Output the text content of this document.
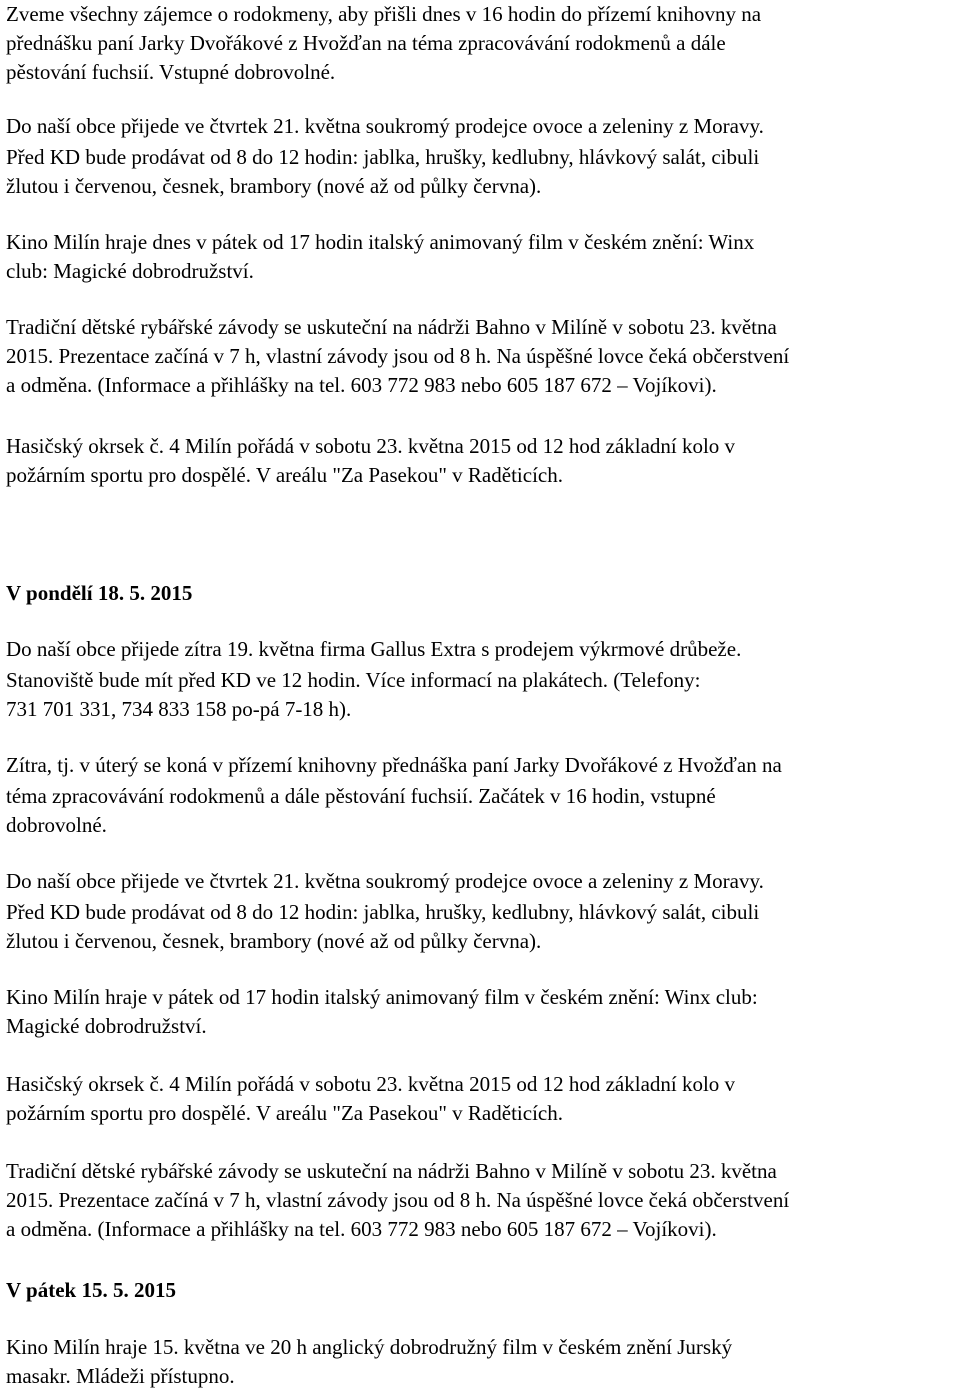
Zveme všechny zájemce o rodokmeny, aby přišli dnes v 16 hodin do přízemí knihovny na
přednášku paní Jarky Dvořákové z Hvožďan na téma zpracovávání rodokmenů a dále
pěstování fuchsií. Vstupné dobrovolné.
Do naší obce přijede ve čtvrtek 21. května soukromý prodejce ovoce a zeleniny z Moravy.
Před KD bude prodávat od 8 do 12 hodin: jablka, hrušky, kedlubny, hlávkový salát, cibuli
žlutou i červenou, česnek, brambory (nové až od půlky června).
Kino Milín hraje dnes v pátek od 17 hodin italský animovaný film v českém znění: Winx
club: Magické dobrodružství.
Tradiční dětské rybářské závody se uskuteční na nádrži Bahno v Milíně v sobotu 23. května
2015. Prezentace začíná v 7 h, vlastní závody jsou od 8 h. Na úspěšné lovce čeká občerstvení
a odměna. (Informace a přihlášky na tel. 603 772 983 nebo 605 187 672 – Vojíkovi).
Hasičský okrsek č. 4 Milín pořádá v sobotu 23. května 2015 od 12 hod základní kolo v
požárním sportu pro dospělé. V areálu "Za Pasekou" v Raděticích.
V pondělí 18. 5. 2015
Do naší obce přijede zítra 19. května firma Gallus Extra s prodejem výkrmové drůbeže.
Stanoviště bude mít před KD ve 12 hodin. Více informací na plakátech. (Telefony:
731 701 331, 734 833 158 po-pá 7-18 h).
Zítra, tj. v úterý se koná v přízemí knihovny přednáška paní Jarky Dvořákové z Hvožďan na
téma zpracovávání rodokmenů a dále pěstování fuchsií. Začátek v 16 hodin, vstupné
dobrovolné.
Do naší obce přijede ve čtvrtek 21. května soukromý prodejce ovoce a zeleniny z Moravy.
Před KD bude prodávat od 8 do 12 hodin: jablka, hrušky, kedlubny, hlávkový salát, cibuli
žlutou i červenou, česnek, brambory (nové až od půlky června).
Kino Milín hraje v pátek od 17 hodin italský animovaný film v českém znění: Winx club:
Magické dobrodružství.
Hasičský okrsek č. 4 Milín pořádá v sobotu 23. května 2015 od 12 hod základní kolo v
požárním sportu pro dospělé. V areálu "Za Pasekou" v Raděticích.
Tradiční dětské rybářské závody se uskuteční na nádrži Bahno v Milíně v sobotu 23. května
2015. Prezentace začíná v 7 h, vlastní závody jsou od 8 h. Na úspěšné lovce čeká občerstvení
a odměna. (Informace a přihlášky na tel. 603 772 983 nebo 605 187 672 – Vojíkovi).
V pátek 15. 5. 2015
Kino Milín hraje 15. května ve 20 h anglický dobrodružný film v českém znění Jurský
masakr. Mládeži přístupno.
